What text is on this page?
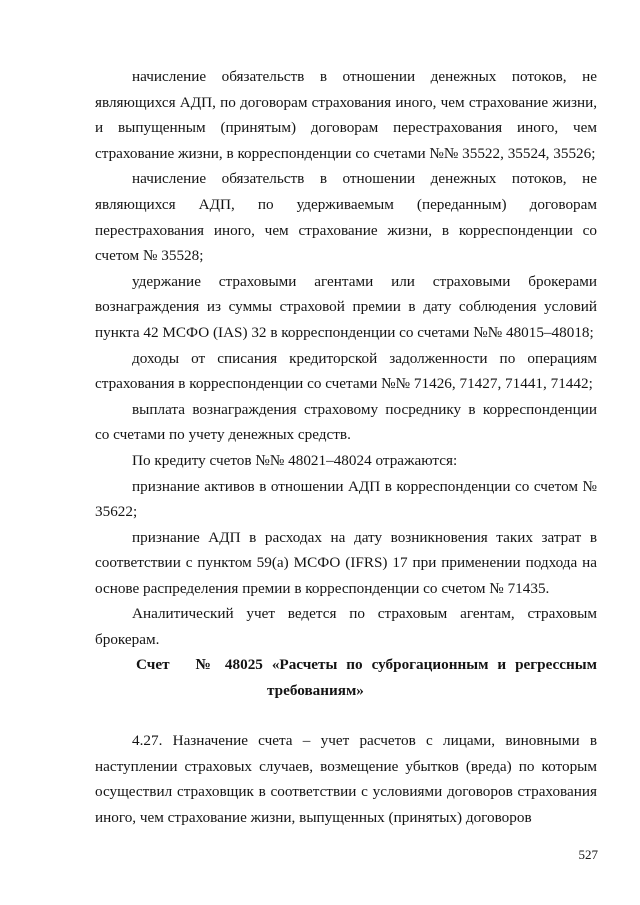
начисление обязательств в отношении денежных потоков, не являющихся АДП, по договорам страхования иного, чем страхование жизни, и выпущенным (принятым) договорам перестрахования иного, чем страхование жизни, в корреспонденции со счетами №№ 35522, 35524, 35526;

начисление обязательств в отношении денежных потоков, не являющихся АДП, по удерживаемым (переданным) договорам перестрахования иного, чем страхование жизни, в корреспонденции со счетом № 35528;

удержание страховыми агентами или страховыми брокерами вознаграждения из суммы страховой премии в дату соблюдения условий пункта 42 МСФО (IAS) 32 в корреспонденции со счетами №№ 48015–48018;

доходы от списания кредиторской задолженности по операциям страхования в корреспонденции со счетами №№ 71426, 71427, 71441, 71442;

выплата вознаграждения страховому посреднику в корреспонденции со счетами по учету денежных средств.

По кредиту счетов №№ 48021–48024 отражаются:

признание активов в отношении АДП в корреспонденции со счетом № 35622;

признание АДП в расходах на дату возникновения таких затрат в соответствии с пунктом 59(а) МСФО (IFRS) 17 при применении подхода на основе распределения премии в корреспонденции со счетом № 71435.

Аналитический учет ведется по страховым агентам, страховым брокерам.

Счет № 48025 «Расчеты по суброгационным и регрессным
требованиям»

4.27. Назначение счета – учет расчетов с лицами, виновными в наступлении страховых случаев, возмещение убытков (вреда) по которым осуществил страховщик в соответствии с условиями договоров страхования иного, чем страхование жизни, выпущенных (принятых) договоров

527
